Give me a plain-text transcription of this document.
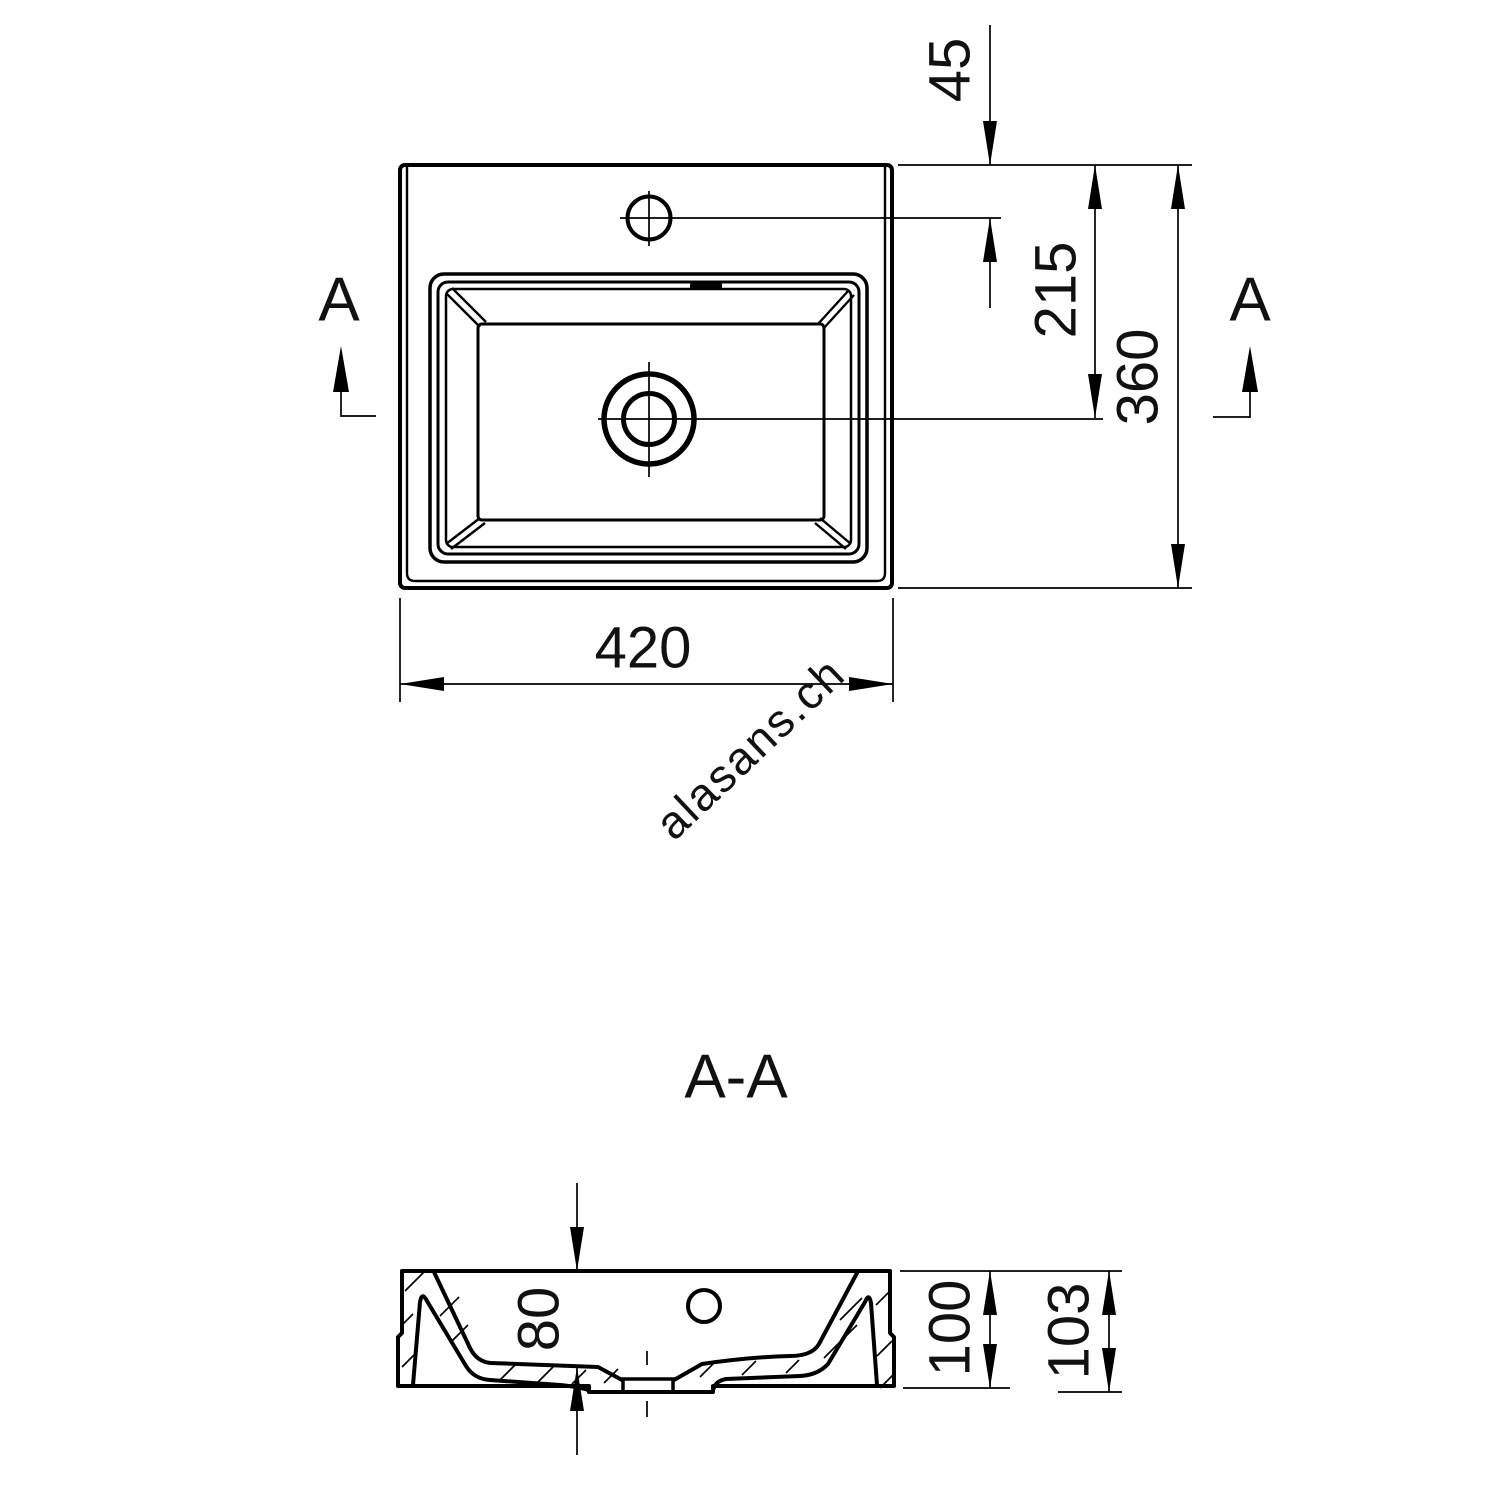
45
215
360
420
A	A
alasans.ch
A-A
80	100 103
